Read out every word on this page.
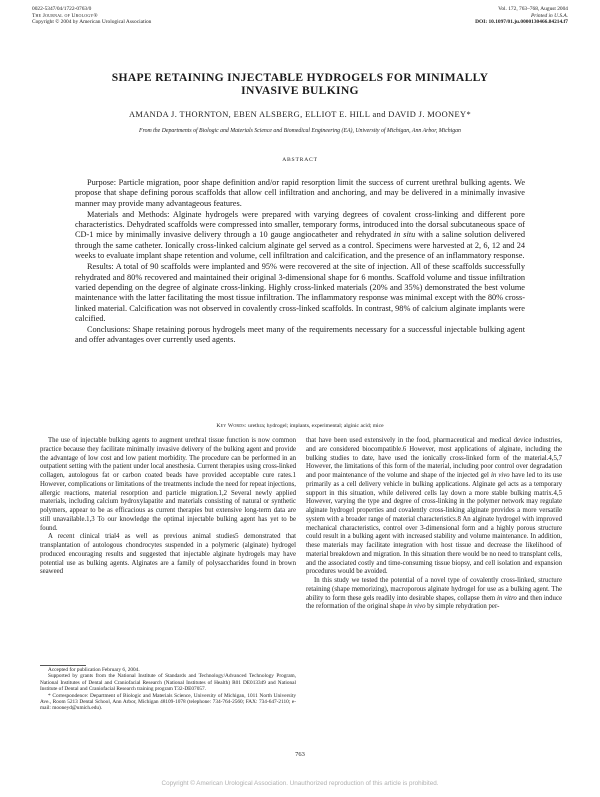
0022-5347/04/1722-0763/0
The Journal of Urology®
Copyright © 2004 by American Urological Association
Vol. 172, 763–768, August 2004
Printed in U.S.A.
DOI: 10.1097/01.ju.0000130466.84214.f7
SHAPE RETAINING INJECTABLE HYDROGELS FOR MINIMALLY
INVASIVE BULKING
AMANDA J. THORNTON, EBEN ALSBERG, ELLIOT E. HILL and DAVID J. MOONEY*
From the Departments of Biologic and Materials Science and Biomedical Engineering (EA), University of Michigan, Ann Arbor, Michigan
ABSTRACT

Purpose: Particle migration, poor shape definition and/or rapid resorption limit the success of current urethral bulking agents. We propose that shape defining porous scaffolds that allow cell infiltration and anchoring, and may be delivered in a minimally invasive manner may provide many advantageous features.

Materials and Methods: Alginate hydrogels were prepared with varying degrees of covalent cross-linking and different pore characteristics. Dehydrated scaffolds were compressed into smaller, temporary forms, introduced into the dorsal subcutaneous space of CD-1 mice by minimally invasive delivery through a 10 gauge angiocatheter and rehydrated in situ with a saline solution delivered through the same catheter. Ionically cross-linked calcium alginate gel served as a control. Specimens were harvested at 2, 6, 12 and 24 weeks to evaluate implant shape retention and volume, cell infiltration and calcification, and the presence of an inflammatory response.

Results: A total of 90 scaffolds were implanted and 95% were recovered at the site of injection. All of these scaffolds successfully rehydrated and 80% recovered and maintained their original 3-dimensional shape for 6 months. Scaffold volume and tissue infiltration varied depending on the degree of alginate cross-linking. Highly cross-linked materials (20% and 35%) demonstrated the best volume maintenance with the latter facilitating the most tissue infiltration. The inflammatory response was minimal except with the 80% cross-linked material. Calcification was not observed in covalently cross-linked scaffolds. In contrast, 98% of calcium alginate implants were calcified.

Conclusions: Shape retaining porous hydrogels meet many of the requirements necessary for a successful injectable bulking agent and offer advantages over currently used agents.

Key Words: urethra; hydrogel; implants, experimental; alginic acid; mice

The use of injectable bulking agents to augment urethral tissue function is now common practice because they facilitate minimally invasive delivery of the bulking agent and provide the advantage of low cost and low patient morbidity. The procedure can be performed in an outpatient setting with the patient under local anesthesia. Current therapies using cross-linked collagen, autologous fat or carbon coated beads have provided acceptable cure rates.1 However, complications or limitations of the treatments include the need for repeat injections, allergic reactions, material resorption and particle migration.1,2 Several newly applied materials, including calcium hydroxylapatite and materials consisting of natural or synthetic polymers, appear to be as efficacious as current therapies but extensive long-term data are still unavailable.1,3 To our knowledge the optimal injectable bulking agent has yet to be found.

A recent clinical trial4 as well as previous animal studies5 demonstrated that transplantation of autologous chondrocytes suspended in a polymeric (alginate) hydrogel produced encouraging results and suggested that injectable alginate hydrogels may have potential use as bulking agents. Alginates are a family of polysaccharides found in brown seaweed

Accepted for publication February 6, 2004.

Supported by grants from the National Institute of Standards and Technology/Advanced Technology Program, National Institutes of Dental and Craniofacial Research (National Institutes of Health) R01 DE013349 and National Institute of Dental and Craniofacial Research training program T32-DE07057.

* Correspondence: Department of Biologic and Materials Science, University of Michigan, 1011 North University Ave., Room 5213 Dental School, Ann Arbor, Michigan 48109-1078 (telephone: 734-764-2560; FAX: 734-647-2110; e-mail: mooneyd@umich.edu).

that have been used extensively in the food, pharmaceutical and medical device industries, and are considered biocompatible.6 However, most applications of alginate, including the bulking studies to date, have used the ionically cross-linked form of the material.4,5,7 However, the limitations of this form of the material, including poor control over degradation and poor maintenance of the volume and shape of the injected gel in vivo have led to its use primarily as a cell delivery vehicle in bulking applications. Alginate gel acts as a temporary support in this situation, while delivered cells lay down a more stable bulking matrix.4,5 However, varying the type and degree of cross-linking in the polymer network may regulate alginate hydrogel properties and covalently cross-linking alginate provides a more versatile system with a broader range of material characteristics.8 An alginate hydrogel with improved mechanical characteristics, control over 3-dimensional form and a highly porous structure could result in a bulking agent with increased stability and volume maintenance. In addition, these materials may facilitate integration with host tissue and decrease the likelihood of material breakdown and migration. In this situation there would be no need to transplant cells, and the associated costly and time-consuming tissue biopsy, and cell isolation and expansion procedures would be avoided.

In this study we tested the potential of a novel type of covalently cross-linked, structure retaining (shape memorizing), macroporous alginate hydrogel for use as a bulking agent. The ability to form these gels readily into desirable shapes, collapse them in vitro and then induce the reformation of the original shape in vivo by simple rehydration per-

763
Copyright © American Urological Association. Unauthorized reproduction of this article is prohibited.
